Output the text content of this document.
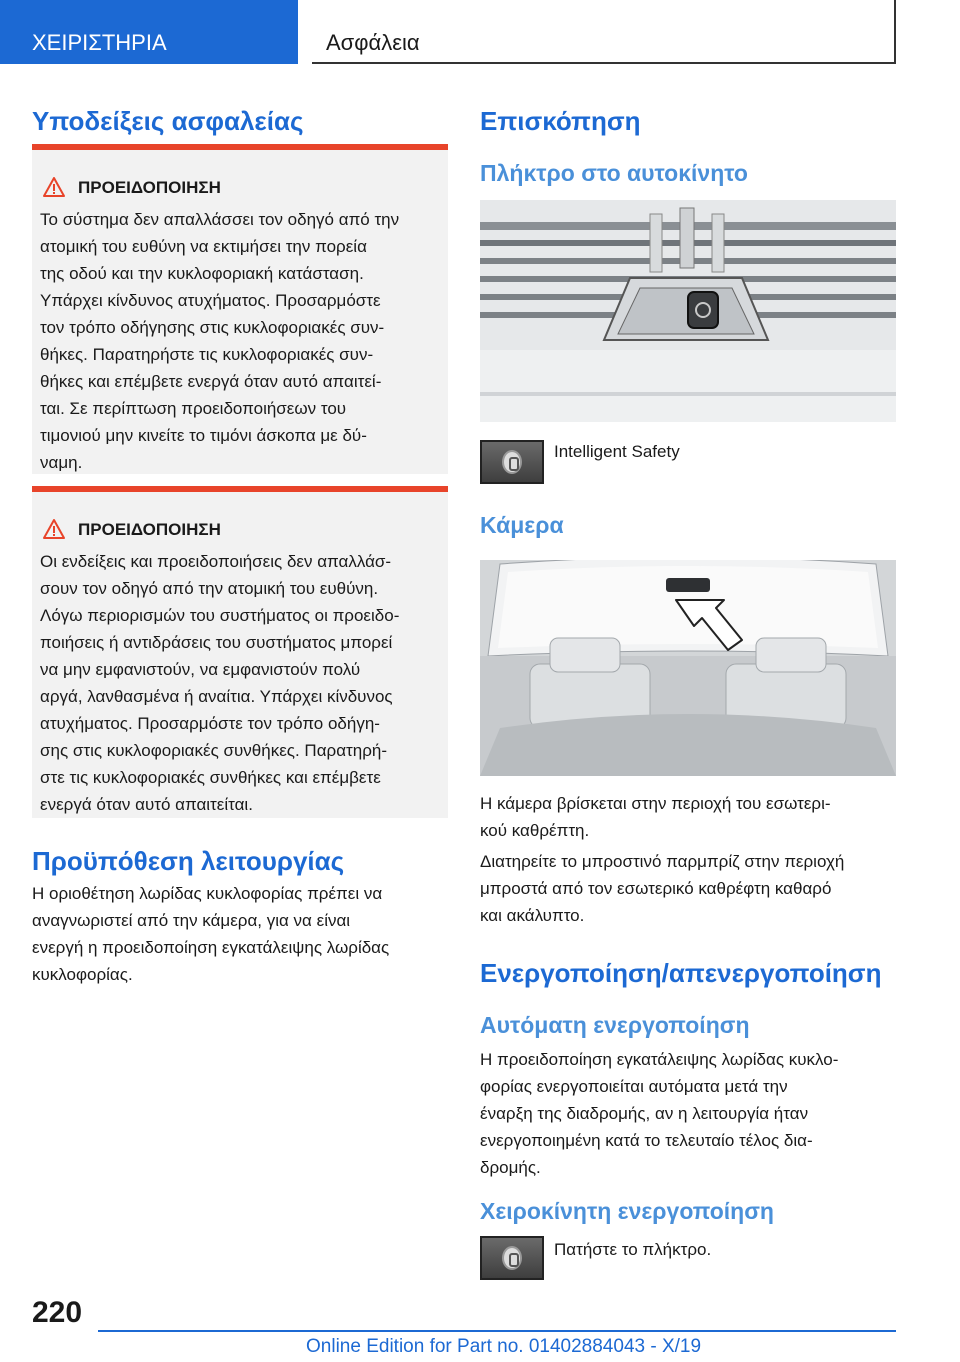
ΧΕΙΡΙΣΤΗΡΙΑ	Ασφάλεια
Υποδείξεις ασφαλείας
ΠΡΟΕΙΔΟΠΟΙΗΣΗ
Το σύστημα δεν απαλλάσσει τον οδηγό από την
ατομική του ευθύνη να εκτιμήσει την πορεία
της οδού και την κυκλοφοριακή κατάσταση.
Υπάρχει κίνδυνος ατυχήματος. Προσαρμόστε
τον τρόπο οδήγησης στις κυκλοφοριακές συν-
θήκες. Παρατηρήστε τις κυκλοφοριακές συν-
θήκες και επέμβετε ενεργά όταν αυτό απαιτεί-
ται. Σε περίπτωση προειδοποιήσεων του
τιμονιού μην κινείτε το τιμόνι άσκοπα με δύ-
ναμη.
ΠΡΟΕΙΔΟΠΟΙΗΣΗ
Οι ενδείξεις και προειδοποιήσεις δεν απαλλάσ-
σουν τον οδηγό από την ατομική του ευθύνη.
Λόγω περιορισμών του συστήματος οι προειδο-
ποιήσεις ή αντιδράσεις του συστήματος μπορεί
να μην εμφανιστούν, να εμφανιστούν πολύ
αργά, λανθασμένα ή αναίτια. Υπάρχει κίνδυνος
ατυχήματος. Προσαρμόστε τον τρόπο οδήγη-
σης στις κυκλοφοριακές συνθήκες. Παρατηρή-
στε τις κυκλοφοριακές συνθήκες και επέμβετε
ενεργά όταν αυτό απαιτείται.
Προϋπόθεση λειτουργίας
Η οριοθέτηση λωρίδας κυκλοφορίας πρέπει να
αναγνωριστεί από την κάμερα, για να είναι
ενεργή η προειδοποίηση εγκατάλειψης λωρίδας
κυκλοφορίας.
Επισκόπηση
Πλήκτρο στο αυτοκίνητο
Intelligent Safety
Κάμερα
Η κάμερα βρίσκεται στην περιοχή του εσωτερι-
κού καθρέπτη.
Διατηρείτε το μπροστινό παρμπρίζ στην περιοχή
μπροστά από τον εσωτερικό καθρέφτη καθαρό
και ακάλυπτο.
Ενεργοποίηση/απενεργοποίηση
Αυτόματη ενεργοποίηση
Η προειδοποίηση εγκατάλειψης λωρίδας κυκλο-
φορίας ενεργοποιείται αυτόματα μετά την
έναρξη της διαδρομής, αν η λειτουργία ήταν
ενεργοποιημένη κατά το τελευταίο τέλος δια-
δρομής.
Χειροκίνητη ενεργοποίηση
Πατήστε το πλήκτρο.
220
Online Edition for Part no. 01402884043 - X/19
